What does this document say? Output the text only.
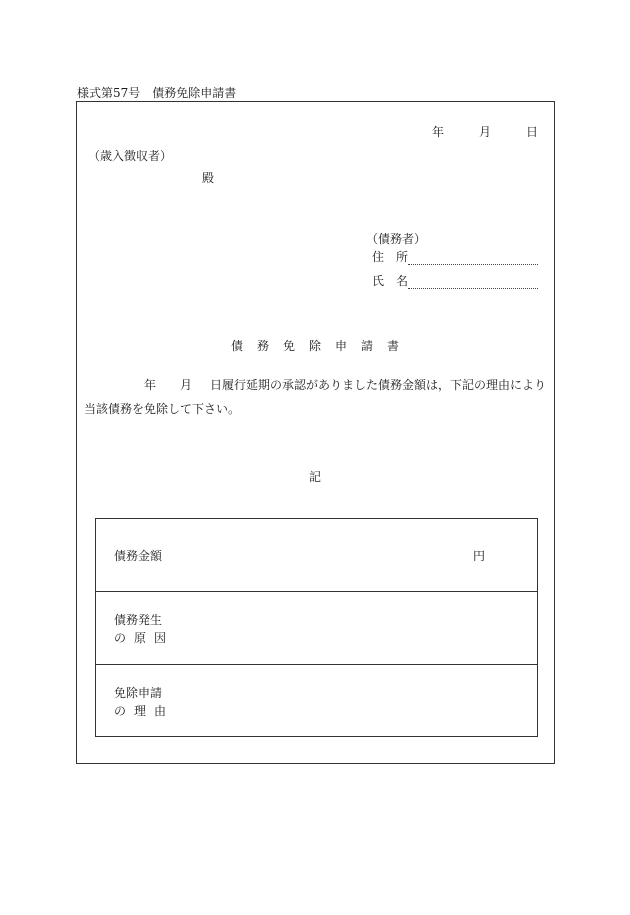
様式第57号　債務免除申請書
年	月	日
（歳入徴収者）
殿
（債務者）
住所
氏名
債務免除申請書
年 月 日履行延期の承認がありました債務金額は，下記の理由により
当該債務を免除して下さい。
記
債務金額	円
債務発生
の原因
免除申請
の理由
